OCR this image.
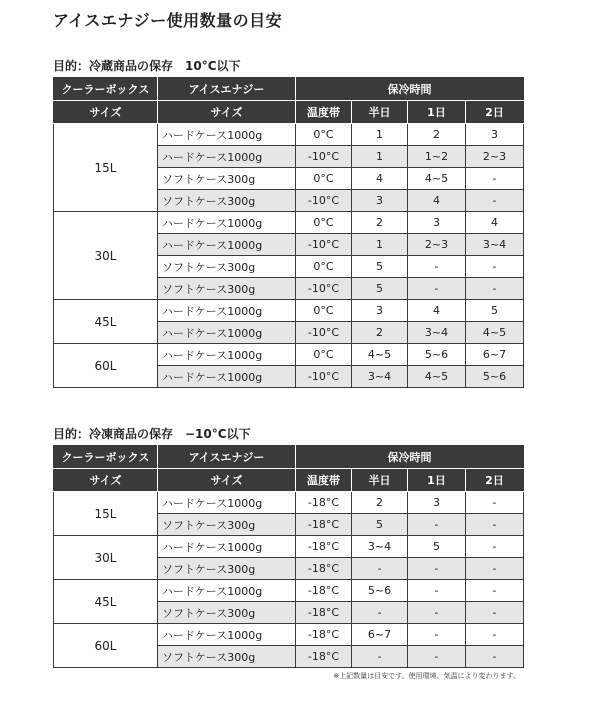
アイスエナジー使用数量の目安
目的：冷蔵商品の保存　10°C以下
クーラーボックス	アイスエナジー	保冷時間			
サイズ	サイズ	温度帯	半日	1日	2日
15L	ハードケース1000g	0°C	1	2	3
	ハードケース1000g	-10°C	1	1~2	2~3
	ソフトケース300g	0°C	4	4~5	-
	ソフトケース300g	-10°C	3	4	-
30L	ハードケース1000g	0°C	2	3	4
	ハードケース1000g	-10°C	1	2~3	3~4
	ソフトケース300g	0°C	5	-	-
	ソフトケース300g	-10°C	5	-	-
45L	ハードケース1000g	0°C	3	4	5
	ハードケース1000g	-10°C	2	3~4	4~5
60L	ハードケース1000g	0°C	4~5	5~6	6~7
	ハードケース1000g	-10°C	3~4	4~5	5~6
目的：冷凍商品の保存　−10°C以下
クーラーボックス	アイスエナジー	保冷時間			
サイズ	サイズ	温度帯	半日	1日	2日
15L	ハードケース1000g	-18°C	2	3	-
	ソフトケース300g	-18°C	5	-	-
30L	ハードケース1000g	-18°C	3~4	5	-
	ソフトケース300g	-18°C	-	-	-
45L	ハードケース1000g	-18°C	5~6	-	-
	ソフトケース300g	-18°C	-	-	-
60L	ハードケース1000g	-18°C	6~7	-	-
	ソフトケース300g	-18°C	-	-	-
※上記数量は目安です。使用環境、気温により変わります。
